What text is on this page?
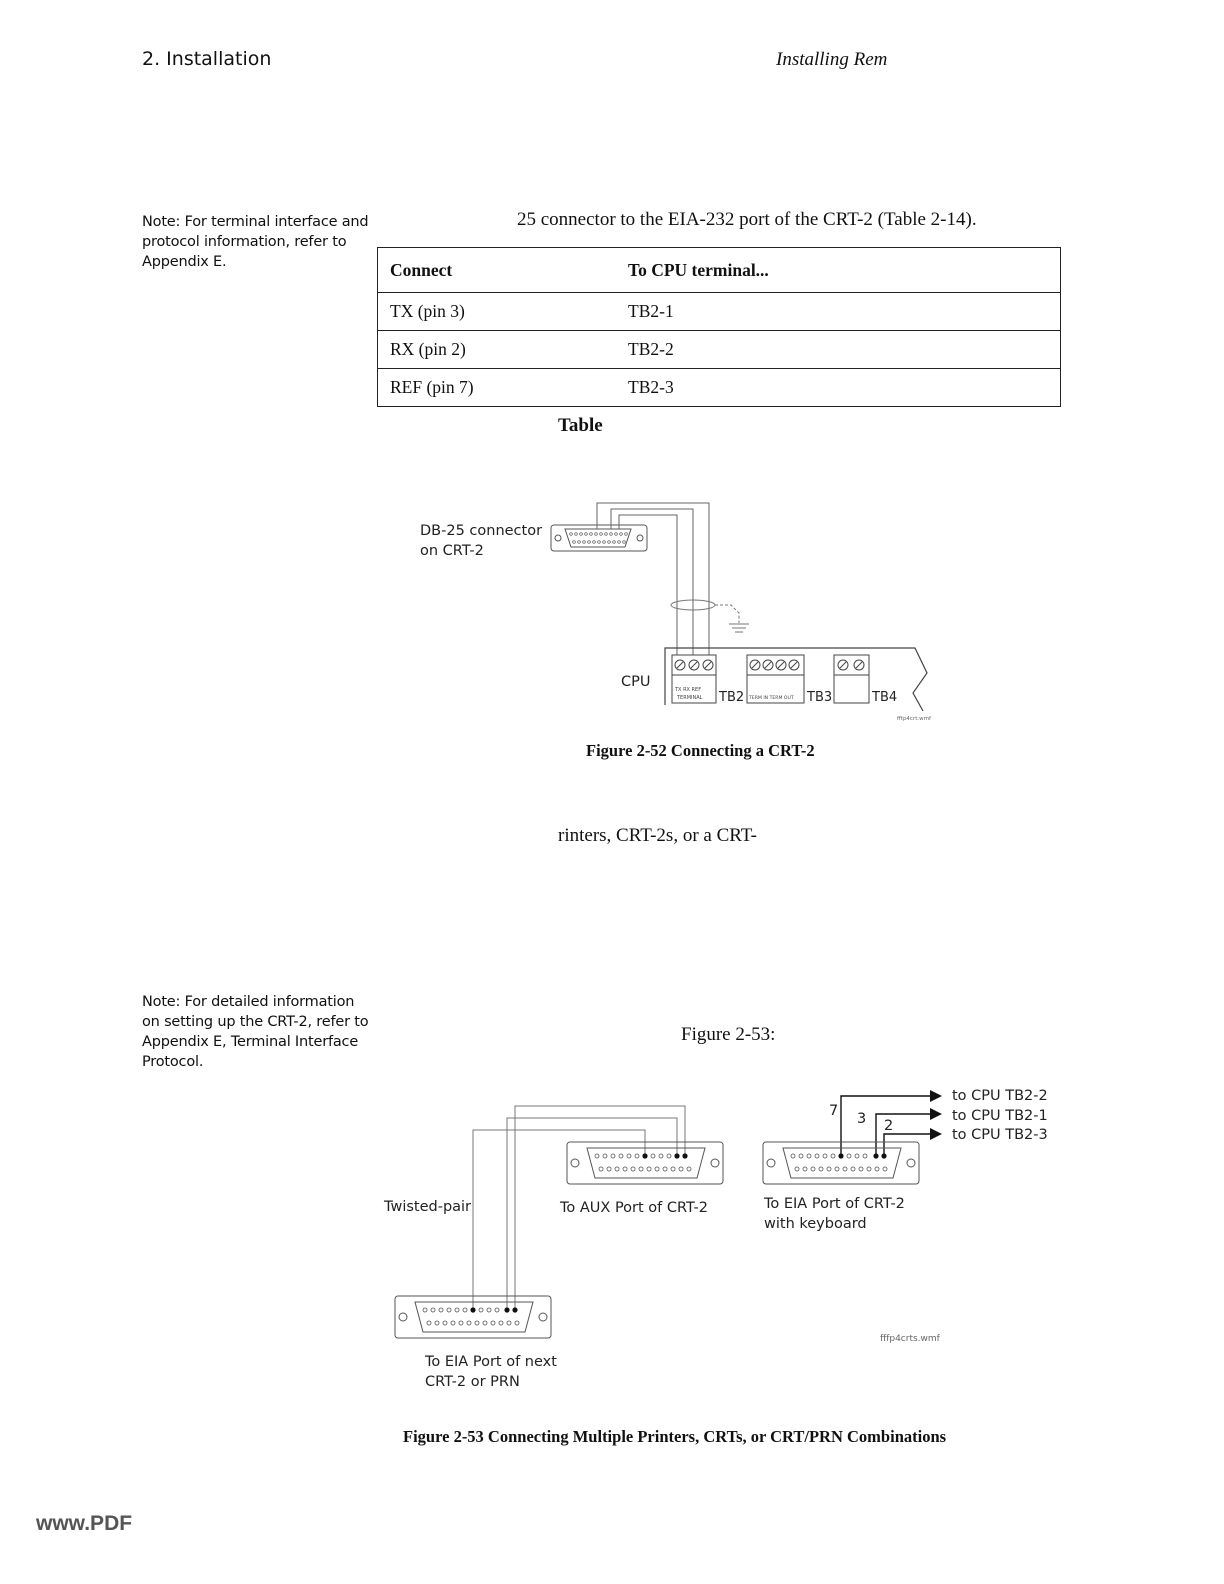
2. Installation	Installing Rem
Note: For terminal interface and protocol information, refer to Appendix E.
Note: For detailed information on setting up the CRT-2, refer to Appendix E, Terminal Interface Protocol.
25 connector to the EIA-232 port of the CRT-2 (Table 2-14).
Connect	To CPU terminal...
TX (pin 3)	TB2-1
RX (pin 2)	TB2-2
REF (pin 7)	TB2-3
Table
DB-25 connector
on CRT-2
CPU	TX RX REF
TERMINAL TB2 TERM IN TERM OUT TB3	TB4
fftp4crt.wmf
Figure 2-52 Connecting a CRT-2
rinters, CRT-2s, or a CRT-
Figure 2-53:
7 3 2
to CPU TB2-2
to CPU TB2-1
to CPU TB2-3
To AUX Port of CRT-2	To EIA Port of CRT-2
with keyboard
Twisted-pair
To EIA Port of next
CRT-2 or PRN
fffp4crts.wmf
Figure 2-53 Connecting Multiple Printers, CRTs, or CRT/PRN Combinations
www.PDF
